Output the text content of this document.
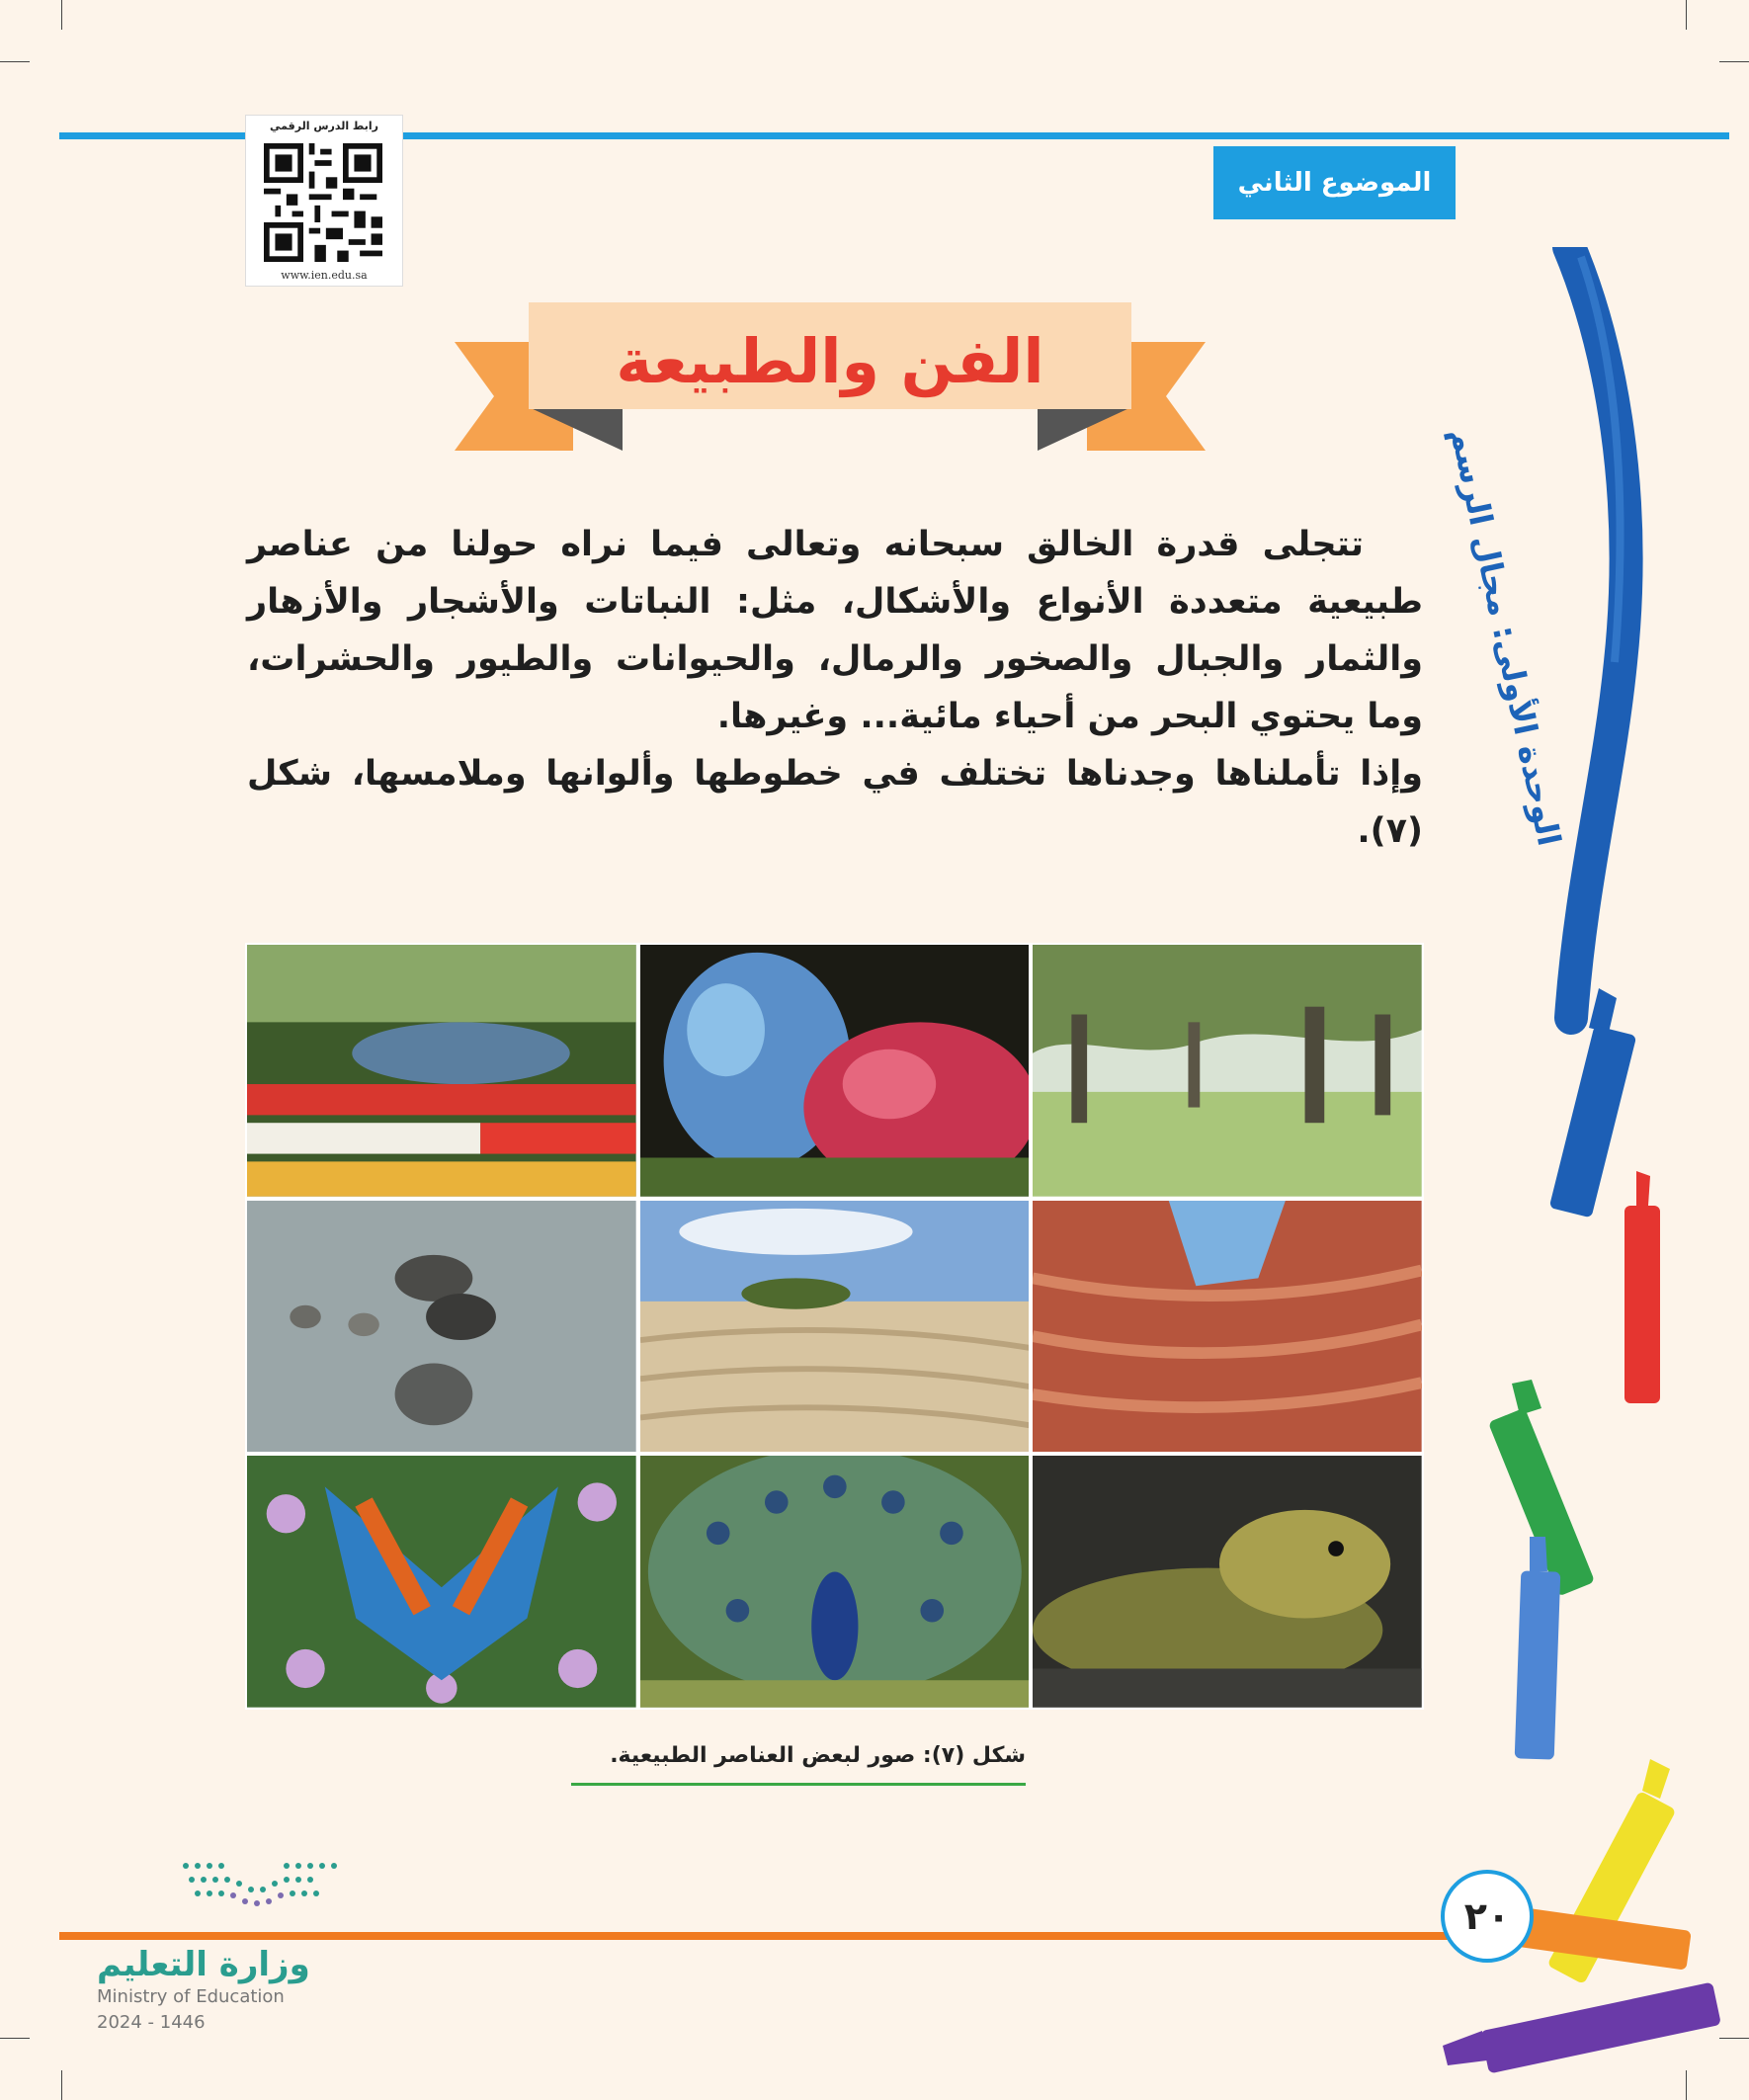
رابط الدرس الرقمي
www.ien.edu.sa
الموضوع الثاني
الوحدة الأولى: مجال الرسم
الفن والطبيعة

تتجلى قدرة الخالق سبحانه وتعالى فيما نراه حولنا من عناصر طبيعية متعددة الأنواع والأشكال، مثل: النباتات والأشجار والأزهار والثمار والجبال والصخور والرمال، والحيوانات والطيور والحشرات، وما يحتوي البحر من أحياء مائية... وغيرها.

وإذا تأملناها وجدناها تختلف في خطوطها وألوانها وملامسها، شكل (٧).

شكل (٧): صور لبعض العناصر الطبيعية.
٢٠
وزارة التعليم
Ministry of Education
2024 - 1446
